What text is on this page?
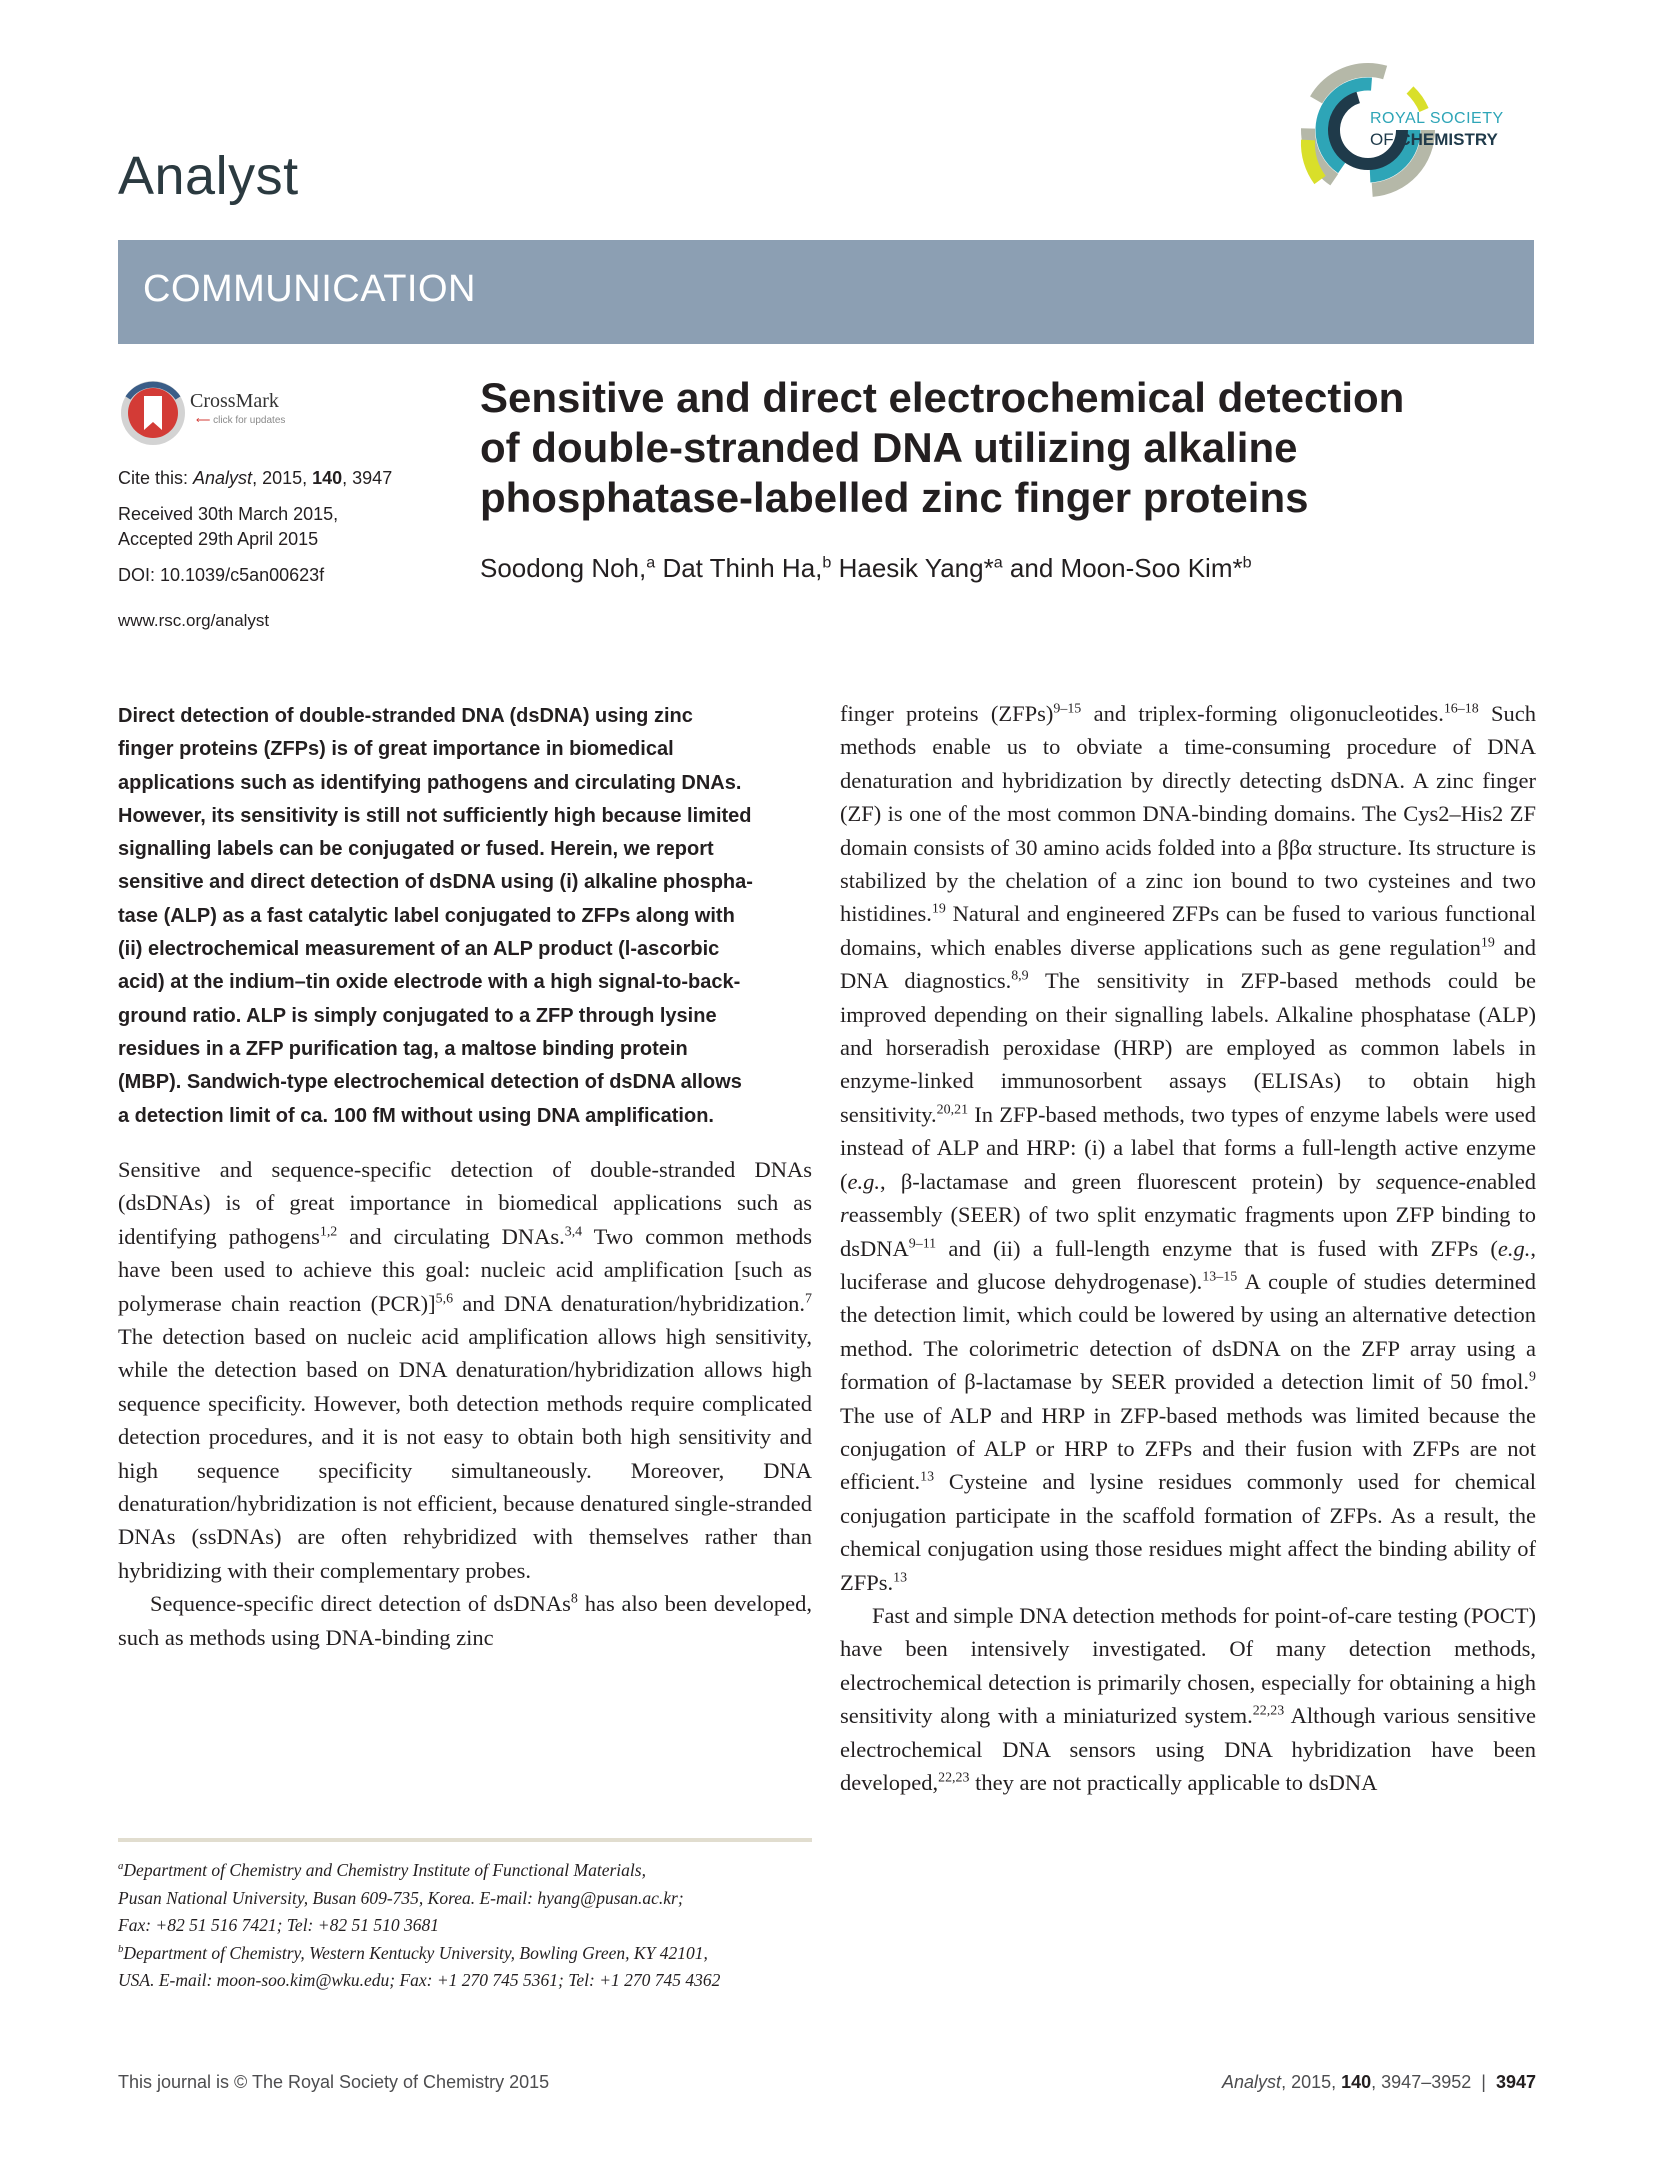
Analyst
ROYAL SOCIETY
OF CHEMISTRY
COMMUNICATION
CrossMark
⟵ click for updates
Cite this: Analyst, 2015, 140, 3947
Received 30th March 2015,
Accepted 29th April 2015
DOI: 10.1039/c5an00623f
www.rsc.org/analyst
Sensitive and direct electrochemical detection
of double-stranded DNA utilizing alkaline
phosphatase-labelled zinc finger proteins
Soodong Noh,$^a$ Dat Thinh Ha,$^b$ Haesik Yang*$^a$ and Moon-Soo Kim*$^b$
Direct detection of double-stranded DNA (dsDNA) using zinc
finger proteins (ZFPs) is of great importance in biomedical
applications such as identifying pathogens and circulating DNAs.
However, its sensitivity is still not sufficiently high because limited
signalling labels can be conjugated or fused. Herein, we report
sensitive and direct detection of dsDNA using (i) alkaline phospha-
tase (ALP) as a fast catalytic label conjugated to ZFPs along with
(ii) electrochemical measurement of an ALP product (l-ascorbic
acid) at the indium–tin oxide electrode with a high signal-to-back-
ground ratio. ALP is simply conjugated to a ZFP through lysine
residues in a ZFP purification tag, a maltose binding protein
(MBP). Sandwich-type electrochemical detection of dsDNA allows
a detection limit of ca. 100 fM without using DNA amplification.

Sensitive and sequence-specific detection of double-stranded DNAs (dsDNAs) is of great importance in biomedical applications such as identifying pathogens$^{1,2}$ and circulating DNAs.$^{3,4}$ Two common methods have been used to achieve this goal: nucleic acid amplification [such as polymerase chain reaction (PCR)]$^{5,6}$ and DNA denaturation/hybridization.$^7$ The detection based on nucleic acid amplification allows high sensitivity, while the detection based on DNA denaturation/hybridization allows high sequence specificity. However, both detection methods require complicated detection procedures, and it is not easy to obtain both high sensitivity and high sequence specificity simultaneously. Moreover, DNA denaturation/hybridization is not efficient, because denatured single-stranded DNAs (ssDNAs) are often rehybridized with themselves rather than hybridizing with their complementary probes.

Sequence-specific direct detection of dsDNAs$^8$ has also been developed, such as methods using DNA-binding zinc

$^a$Department of Chemistry and Chemistry Institute of Functional Materials,
Pusan National University, Busan 609-735, Korea. E-mail: hyang@pusan.ac.kr;
Fax: +82 51 516 7421; Tel: +82 51 510 3681
$^b$Department of Chemistry, Western Kentucky University, Bowling Green, KY 42101,
USA. E-mail: moon-soo.kim@wku.edu; Fax: +1 270 745 5361; Tel: +1 270 745 4362

finger proteins (ZFPs)$^{9-15}$ and triplex-forming oligonucleotides.$^{16-18}$ Such methods enable us to obviate a time-consuming procedure of DNA denaturation and hybridization by directly detecting dsDNA. A zinc finger (ZF) is one of the most common DNA-binding domains. The Cys2–His2 ZF domain consists of 30 amino acids folded into a ββα structure. Its structure is stabilized by the chelation of a zinc ion bound to two cysteines and two histidines.$^{19}$ Natural and engineered ZFPs can be fused to various functional domains, which enables diverse applications such as gene regulation$^{19}$ and DNA diagnostics.$^{8,9}$ The sensitivity in ZFP-based methods could be improved depending on their signalling labels. Alkaline phosphatase (ALP) and horseradish peroxidase (HRP) are employed as common labels in enzyme-linked immunosorbent assays (ELISAs) to obtain high sensitivity.$^{20,21}$ In ZFP-based methods, two types of enzyme labels were used instead of ALP and HRP: (i) a label that forms a full-length active enzyme (e.g., β-lactamase and green fluorescent protein) by sequence-enabled reassembly (SEER) of two split enzymatic fragments upon ZFP binding to dsDNA$^{9-11}$ and (ii) a full-length enzyme that is fused with ZFPs (e.g., luciferase and glucose dehydrogenase).$^{13-15}$ A couple of studies determined the detection limit, which could be lowered by using an alternative detection method. The colorimetric detection of dsDNA on the ZFP array using a formation of β-lactamase by SEER provided a detection limit of 50 fmol.$^9$ The use of ALP and HRP in ZFP-based methods was limited because the conjugation of ALP or HRP to ZFPs and their fusion with ZFPs are not efficient.$^{13}$ Cysteine and lysine residues commonly used for chemical conjugation participate in the scaffold formation of ZFPs. As a result, the chemical conjugation using those residues might affect the binding ability of ZFPs.$^{13}$

Fast and simple DNA detection methods for point-of-care testing (POCT) have been intensively investigated. Of many detection methods, electrochemical detection is primarily chosen, especially for obtaining a high sensitivity along with a miniaturized system.$^{22,23}$ Although various sensitive electrochemical DNA sensors using DNA hybridization have been developed,$^{22,23}$ they are not practically applicable to dsDNA

This journal is © The Royal Society of Chemistry 2015	Analyst, 2015, 140, 3947–3952  |  3947
